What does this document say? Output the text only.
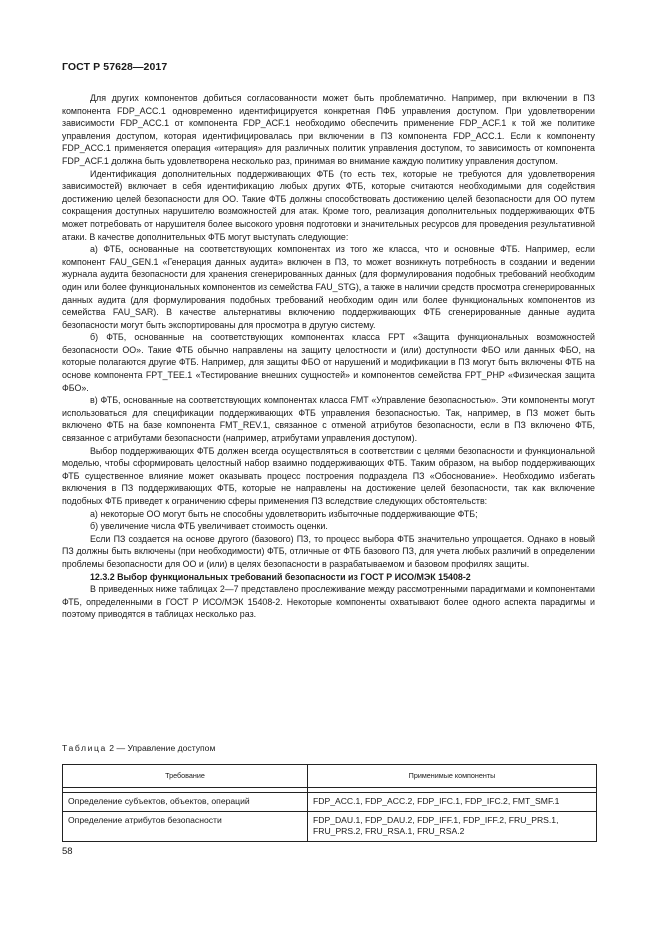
ГОСТ Р 57628—2017

Для других компонентов добиться согласованности может быть проблематично. Например, при включении в ПЗ компонента FDP_ACC.1 одновременно идентифицируется конкретная ПФБ управления доступом. При удовлетворении зависимости FDP_ACC.1 от компонента FDP_ACF.1 необходимо обеспечить применение FDP_ACF.1 к той же политике управления доступом, которая идентифицировалась при включении в ПЗ компонента FDP_ACC.1. Если к компоненту FDP_ACC.1 применяется операция «итерация» для различных политик управления доступом, то зависимость от компонента FDP_ACF.1 должна быть удовлетворена несколько раз, принимая во внимание каждую политику управления доступом.

Идентификация дополнительных поддерживающих ФТБ (то есть тех, которые не требуются для удовлетворения зависимостей) включает в себя идентификацию любых других ФТБ, которые считаются необходимыми для содействия достижению целей безопасности для ОО. Такие ФТБ должны способствовать достижению целей безопасности для ОО путем сокращения доступных нарушителю возможностей для атак. Кроме того, реализация дополнительных поддерживающих ФТБ может потребовать от нарушителя более высокого уровня подготовки и значительных ресурсов для проведения результативной атаки. В качестве дополнительных ФТБ могут выступать следующие:

а) ФТБ, основанные на соответствующих компонентах из того же класса, что и основные ФТБ. Например, если компонент FAU_GEN.1 «Генерация данных аудита» включен в ПЗ, то может возникнуть потребность в создании и ведении журнала аудита безопасности для хранения сгенерированных данных (для формулирования подобных требований необходим один или более функциональных компонентов из семейства FAU_STG), а также в наличии средств просмотра сгенерированных данных аудита (для формулирования подобных требований необходим один или более функциональных компонентов из семейства FAU_SAR). В качестве альтернативы включению поддерживающих ФТБ сгенерированные данные аудита безопасности могут быть экспортированы для просмотра в другую систему.

б) ФТБ, основанные на соответствующих компонентах класса FPT «Защита функциональных возможностей безопасности ОО». Такие ФТБ обычно направлены на защиту целостности и (или) доступности ФБО или данных ФБО, на которые полагаются другие ФТБ. Например, для защиты ФБО от нарушений и модификации в ПЗ могут быть включены ФТБ на основе компонента FPT_TEE.1 «Тестирование внешних сущностей» и компонентов семейства FPT_PHP «Физическая защита ФБО».

в) ФТБ, основанные на соответствующих компонентах класса FMT «Управление безопасностью». Эти компоненты могут использоваться для спецификации поддерживающих ФТБ управления безопасностью. Так, например, в ПЗ может быть включено ФТБ на базе компонента FMT_REV.1, связанное с отменой атрибутов безопасности, если в ПЗ включено ФТБ, связанное с атрибутами безопасности (например, атрибутами управления доступом).

Выбор поддерживающих ФТБ должен всегда осуществляться в соответствии с целями безопасности и функциональной моделью, чтобы сформировать целостный набор взаимно поддерживающих ФТБ. Таким образом, на выбор поддерживающих ФТБ существенное влияние может оказывать процесс построения подраздела ПЗ «Обоснование». Необходимо избегать включения в ПЗ поддерживающих ФТБ, которые не направлены на достижение целей безопасности, так как включение подобных ФТБ приведет к ограничению сферы применения ПЗ вследствие следующих обстоятельств:

а) некоторые ОО могут быть не способны удовлетворить избыточные поддерживающие ФТБ;

б) увеличение числа ФТБ увеличивает стоимость оценки.

Если ПЗ создается на основе другого (базового) ПЗ, то процесс выбора ФТБ значительно упрощается. Однако в новый ПЗ должны быть включены (при необходимости) ФТБ, отличные от ФТБ базового ПЗ, для учета любых различий в определении проблемы безопасности для ОО и (или) в целях безопасности в разрабатываемом и базовом профилях защиты.

12.3.2 Выбор функциональных требований безопасности из ГОСТ Р ИСО/МЭК 15408-2

В приведенных ниже таблицах 2—7 представлено прослеживание между рассмотренными парадигмами и компонентами ФТБ, определенными в ГОСТ Р ИСО/МЭК 15408-2. Некоторые компоненты охватывают более одного аспекта парадигмы и поэтому приводятся в таблицах несколько раз.

Таблица 2 — Управление доступом
Требование	Применимые компоненты

Определение субъектов, объектов, операций	FDP_ACC.1, FDP_ACC.2, FDP_IFC.1, FDP_IFC.2, FMT_SMF.1
Определение атрибутов безопасности	FDP_DAU.1, FDP_DAU.2, FDP_IFF.1, FDP_IFF.2, FRU_PRS.1, FRU_PRS.2, FRU_RSA.1, FRU_RSA.2
58
